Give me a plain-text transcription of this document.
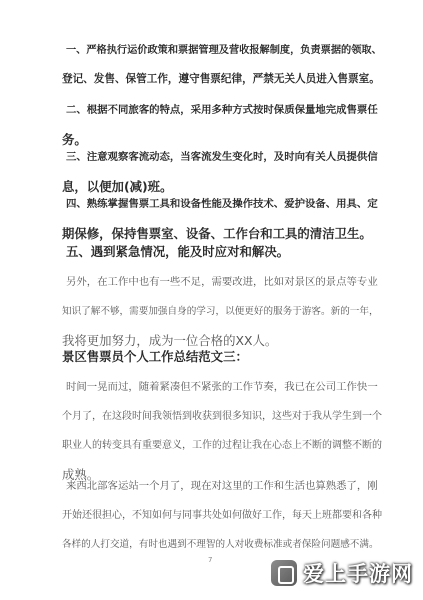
一、严格执行运价政策和票据管理及营收报解制度，负责票据的领取、
登记、发售、保管工作，遵守售票纪律，严禁无关人员进入售票室。
二、根据不同旅客的特点，采用多种方式按时保质保量地完成售票任
务。
三、注意观察客流动态，当客流发生变化时，及时向有关人员提供信
息，以便加(减)班。
四、熟练掌握售票工具和设备性能及操作技术、爱护设备、用具、定
期保修，保持售票室、设备、工作台和工具的清洁卫生。
五、遇到紧急情况，能及时应对和解决。
另外，在工作中也有一些不足，需要改进，比如对景区的景点等专业
知识了解不够，需要加强自身的学习，以便更好的服务于游客。新的一年，
我将更加努力，成为一位合格的XX人。
景区售票员个人工作总结范文三：
时间一晃而过，随着紧凑但不紧张的工作节奏，我已在公司工作快一
个月了，在这段时间我领悟到收获到很多知识，这些对于我从学生到一个
职业人的转变具有重要意义，工作的过程让我在心态上不断的调整不断的
成熟。
来西北部客运站一个月了，现在对这里的工作和生活也算熟悉了，刚
开始还很担心，不知如何与同事共处如何做好工作，每天上班都要和各种
各样的人打交道，有时也遇到不理智的人对收费标准或者保险问题感不满。
7
爱上手游网
